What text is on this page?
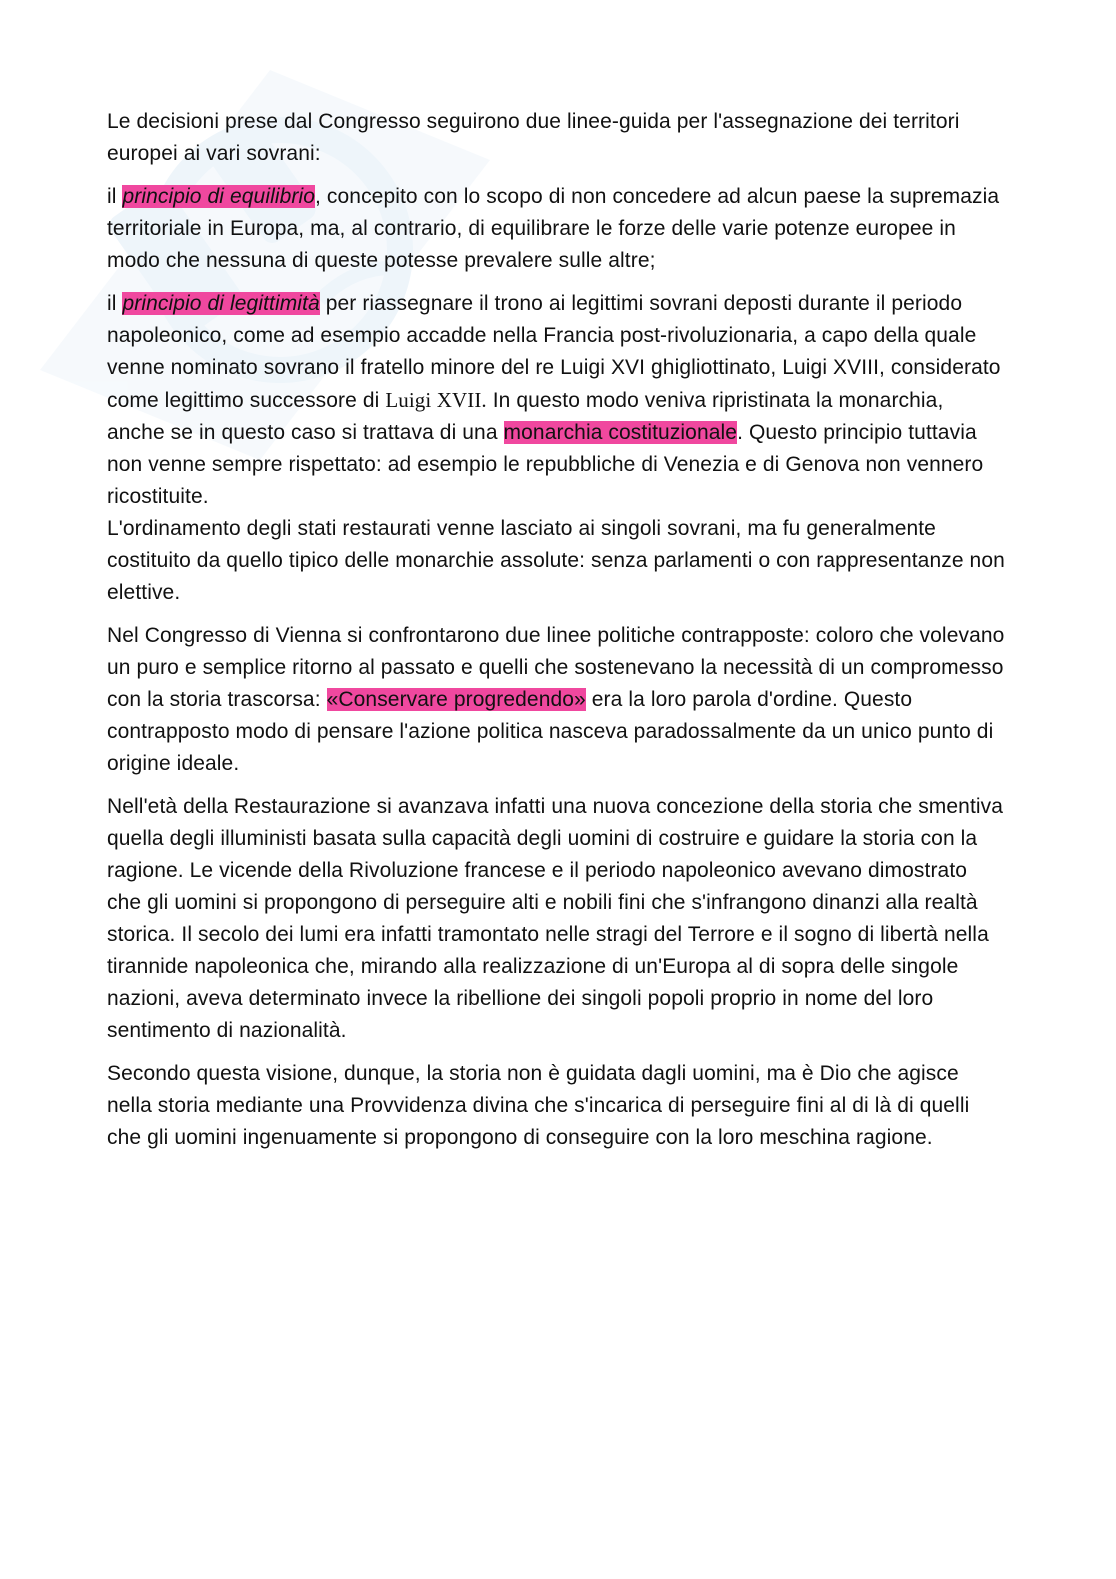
Le decisioni prese dal Congresso seguirono due linee-guida per l'assegnazione dei territori europei ai vari sovrani:

il principio di equilibrio, concepito con lo scopo di non concedere ad alcun paese la supremazia territoriale in Europa, ma, al contrario, di equilibrare le forze delle varie potenze europee in modo che nessuna di queste potesse prevalere sulle altre;

il principio di legittimità per riassegnare il trono ai legittimi sovrani deposti durante il periodo napoleonico, come ad esempio accadde nella Francia post-rivoluzionaria, a capo della quale venne nominato sovrano il fratello minore del re Luigi XVI ghigliottinato, Luigi XVIII, considerato come legittimo successore di Luigi XVII. In questo modo veniva ripristinata la monarchia, anche se in questo caso si trattava di una monarchia costituzionale. Questo principio tuttavia non venne sempre rispettato: ad esempio le repubbliche di Venezia e di Genova non vennero ricostituite.

L'ordinamento degli stati restaurati venne lasciato ai singoli sovrani, ma fu generalmente costituito da quello tipico delle monarchie assolute: senza parlamenti o con rappresentanze non elettive.

Nel Congresso di Vienna si confrontarono due linee politiche contrapposte: coloro che volevano un puro e semplice ritorno al passato e quelli che sostenevano la necessità di un compromesso con la storia trascorsa: «Conservare progredendo» era la loro parola d'ordine. Questo contrapposto modo di pensare l'azione politica nasceva paradossalmente da un unico punto di origine ideale.

Nell'età della Restaurazione si avanzava infatti una nuova concezione della storia che smentiva quella degli illuministi basata sulla capacità degli uomini di costruire e guidare la storia con la ragione. Le vicende della Rivoluzione francese e il periodo napoleonico avevano dimostrato che gli uomini si propongono di perseguire alti e nobili fini che s'infrangono dinanzi alla realtà storica. Il secolo dei lumi era infatti tramontato nelle stragi del Terrore e il sogno di libertà nella tirannide napoleonica che, mirando alla realizzazione di un'Europa al di sopra delle singole nazioni, aveva determinato invece la ribellione dei singoli popoli proprio in nome del loro sentimento di nazionalità.

Secondo questa visione, dunque, la storia non è guidata dagli uomini, ma è Dio che agisce nella storia mediante una Provvidenza divina che s'incarica di perseguire fini al di là di quelli che gli uomini ingenuamente si propongono di conseguire con la loro meschina ragione.
